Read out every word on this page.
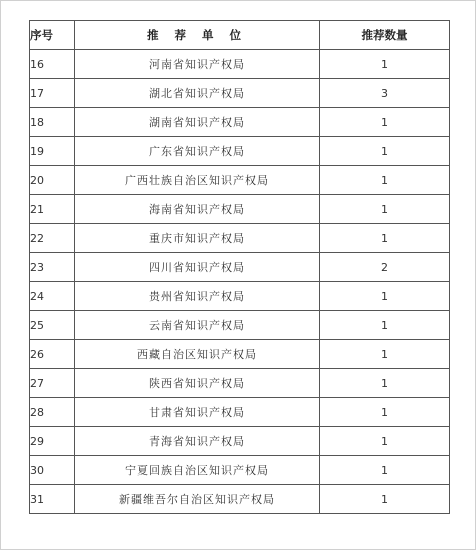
序号	推 荐 单 位	推荐数量
16	河南省知识产权局	1
17	湖北省知识产权局	3
18	湖南省知识产权局	1
19	广东省知识产权局	1
20	广西壮族自治区知识产权局	1
21	海南省知识产权局	1
22	重庆市知识产权局	1
23	四川省知识产权局	2
24	贵州省知识产权局	1
25	云南省知识产权局	1
26	西藏自治区知识产权局	1
27	陕西省知识产权局	1
28	甘肃省知识产权局	1
29	青海省知识产权局	1
30	宁夏回族自治区知识产权局	1
31	新疆维吾尔自治区知识产权局	1
